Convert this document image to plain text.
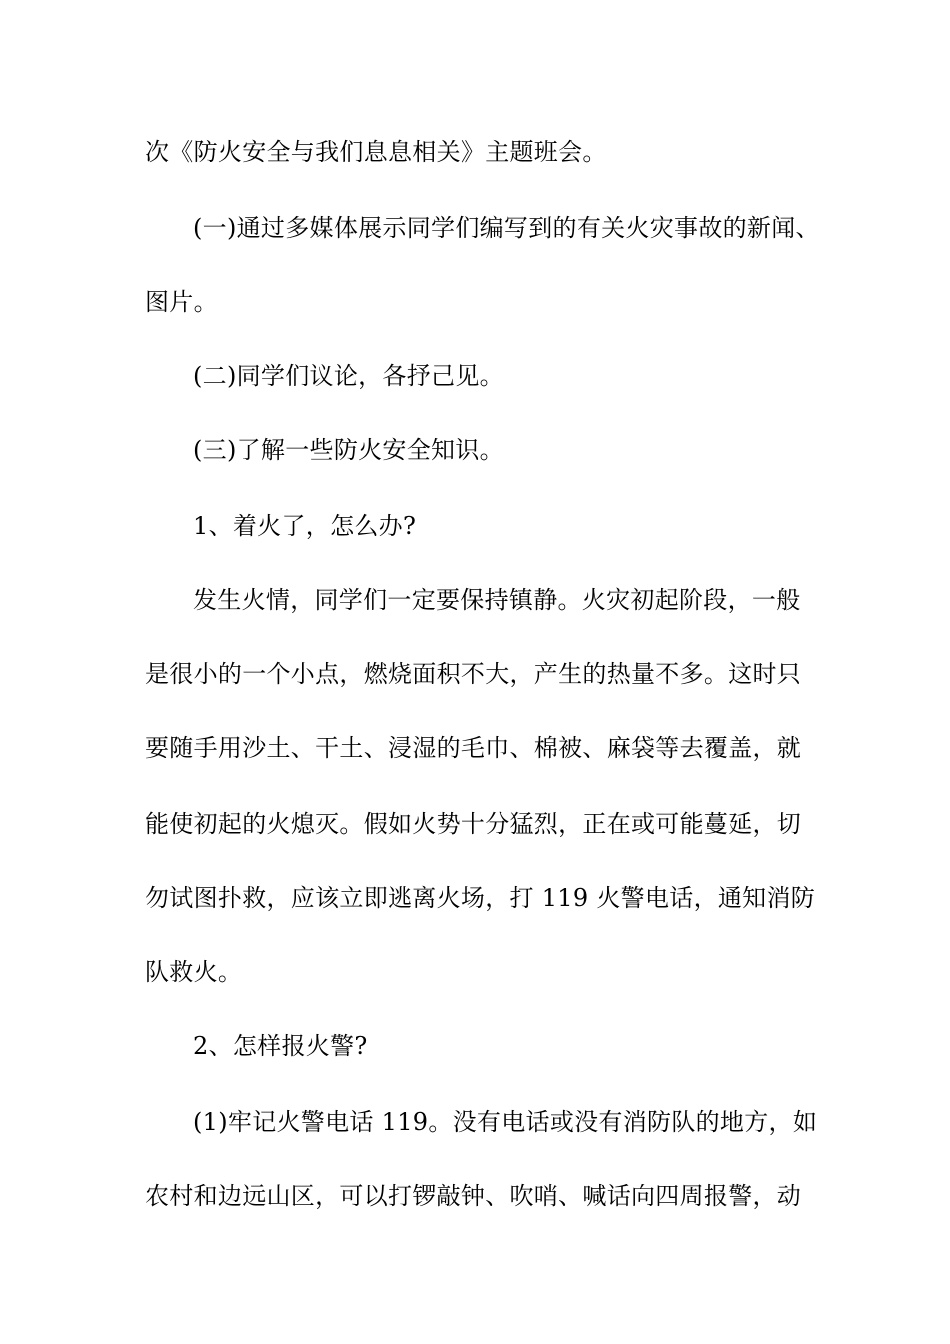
次《防火安全与我们息息相关》主题班会。
(一)通过多媒体展示同学们编写到的有关火灾事故的新闻、
图片。
(二)同学们议论，各抒己见。
(三)了解一些防火安全知识。
1、着火了，怎么办?
发生火情，同学们一定要保持镇静。火灾初起阶段，一般
是很小的一个小点，燃烧面积不大，产生的热量不多。这时只
要随手用沙土、干土、浸湿的毛巾、棉被、麻袋等去覆盖，就
能使初起的火熄灭。假如火势十分猛烈，正在或可能蔓延，切
勿试图扑救，应该立即逃离火场，打 119 火警电话，通知消防
队救火。
2、怎样报火警?
(1)牢记火警电话 119。没有电话或没有消防队的地方，如
农村和边远山区，可以打锣敲钟、吹哨、喊话向四周报警，动
